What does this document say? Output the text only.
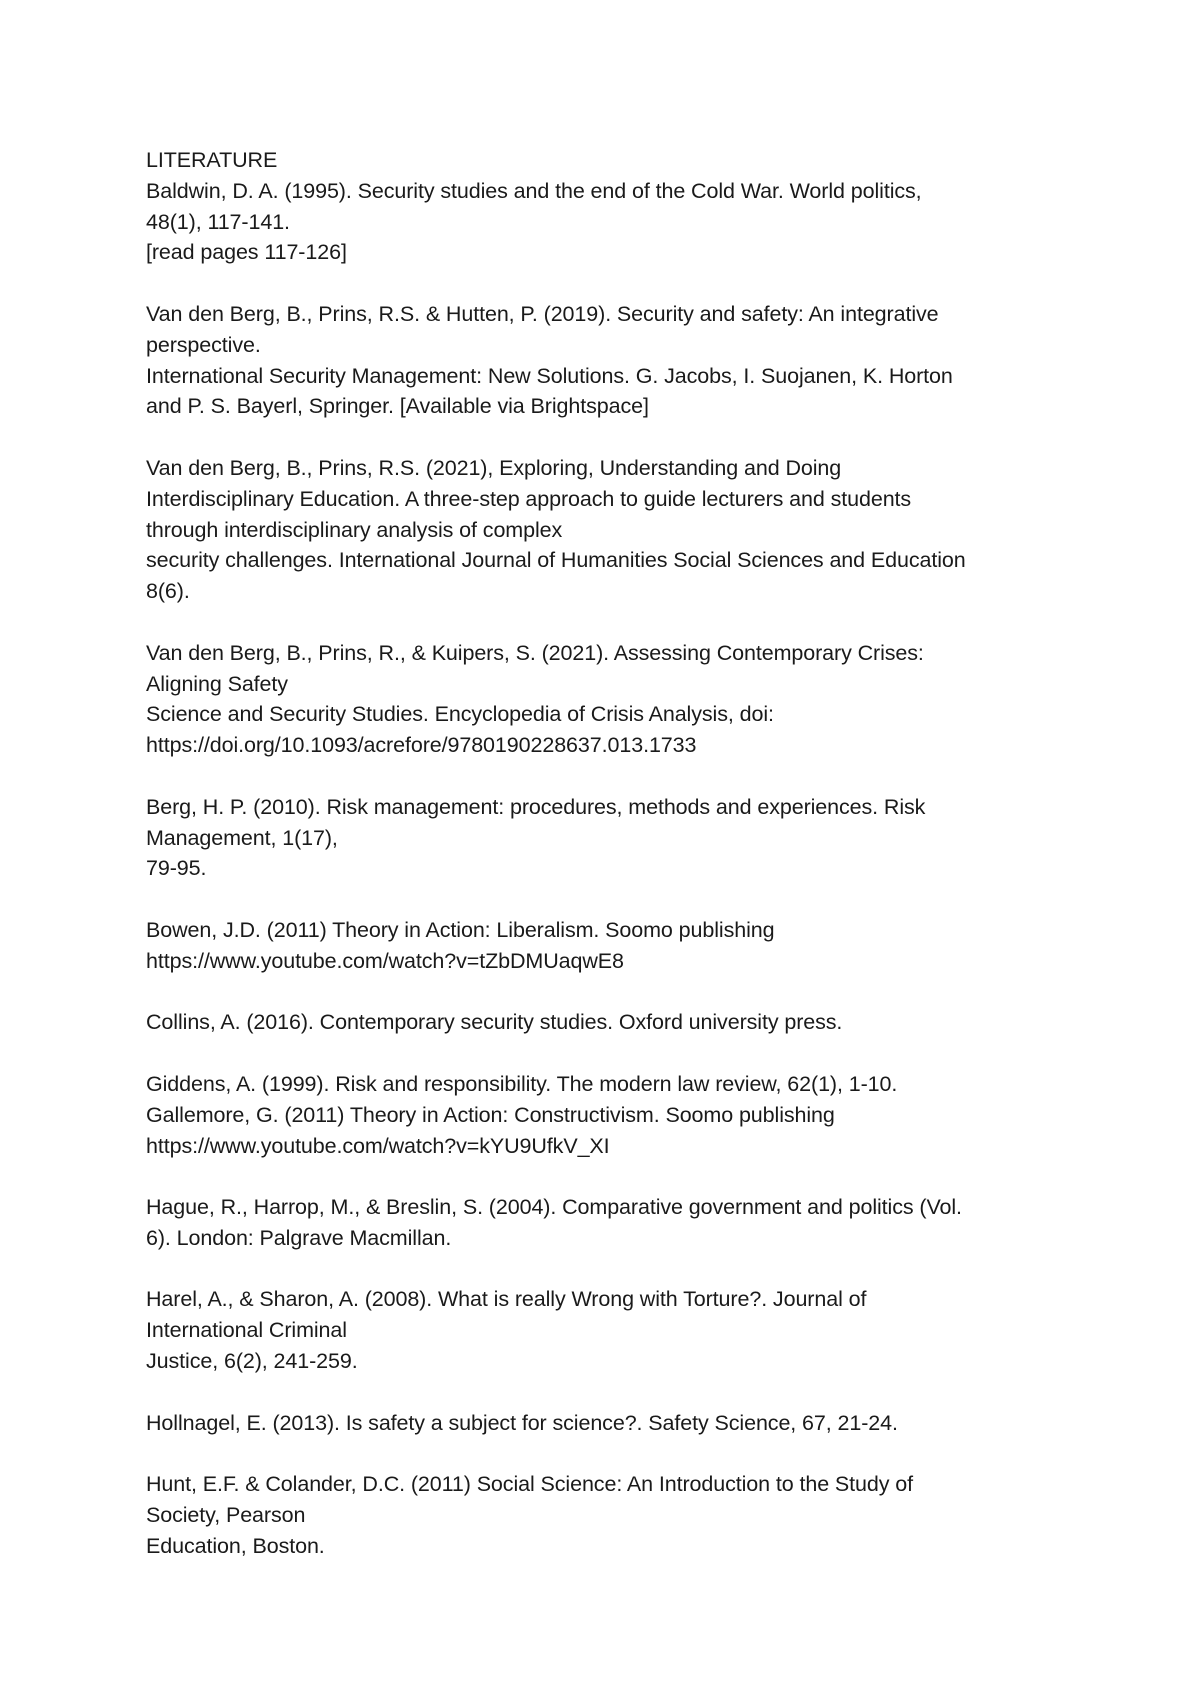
LITERATURE
Baldwin, D. A. (1995). Security studies and the end of the Cold War. World politics,
48(1), 117-141.
[read pages 117-126]
Van den Berg, B., Prins, R.S. & Hutten, P. (2019). Security and safety: An integrative
perspective.
International Security Management: New Solutions. G. Jacobs, I. Suojanen, K. Horton
and P. S. Bayerl, Springer. [Available via Brightspace]
Van den Berg, B., Prins, R.S. (2021), Exploring, Understanding and Doing
Interdisciplinary Education. A three-step approach to guide lecturers and students
through interdisciplinary analysis of complex
security challenges. International Journal of Humanities Social Sciences and Education
8(6).
Van den Berg, B., Prins, R., & Kuipers, S. (2021). Assessing Contemporary Crises:
Aligning Safety
Science and Security Studies. Encyclopedia of Crisis Analysis, doi:
https://doi.org/10.1093/acrefore/9780190228637.013.1733
Berg, H. P. (2010). Risk management: procedures, methods and experiences. Risk
Management, 1(17),
79-95.
Bowen, J.D. (2011) Theory in Action: Liberalism. Soomo publishing
https://www.youtube.com/watch?v=tZbDMUaqwE8
Collins, A. (2016). Contemporary security studies. Oxford university press.
Giddens, A. (1999). Risk and responsibility. The modern law review, 62(1), 1-10.
Gallemore, G. (2011) Theory in Action: Constructivism. Soomo publishing
https://www.youtube.com/watch?v=kYU9UfkV_XI
Hague, R., Harrop, M., & Breslin, S. (2004). Comparative government and politics (Vol.
6). London: Palgrave Macmillan.
Harel, A., & Sharon, A. (2008). What is really Wrong with Torture?. Journal of
International Criminal
Justice, 6(2), 241-259.
Hollnagel, E. (2013). Is safety a subject for science?. Safety Science, 67, 21-24.
Hunt, E.F. & Colander, D.C. (2011) Social Science: An Introduction to the Study of
Society, Pearson
Education, Boston.
